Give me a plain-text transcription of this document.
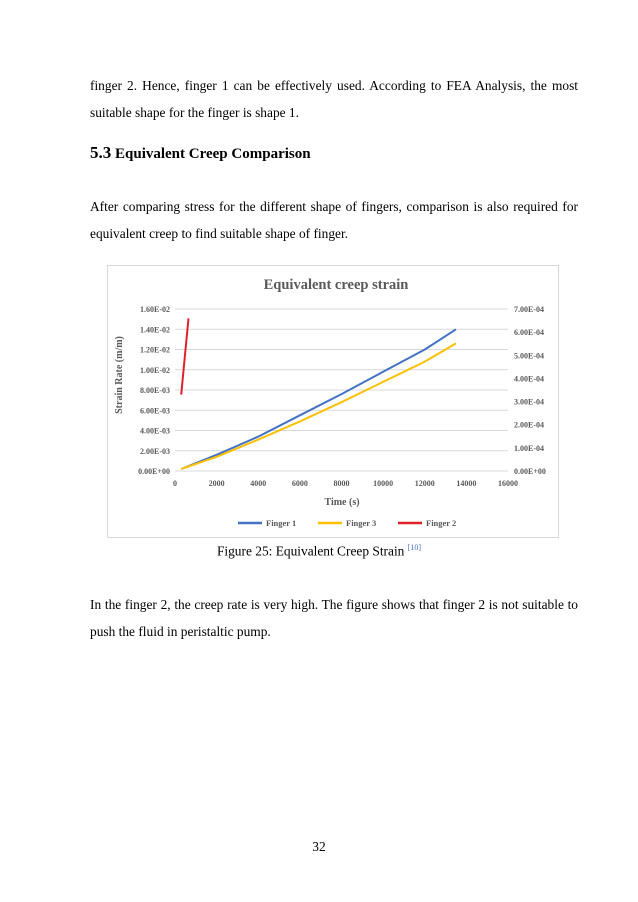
finger 2. Hence, finger 1 can be effectively used. According to FEA Analysis, the most
suitable shape for the finger is shape 1.
5.3 Equivalent Creep Comparison
After comparing stress for the different shape of fingers, comparison is also required for
equivalent creep to find suitable shape of finger.
Equivalent creep strain
0.00E+00
2.00E-03
4.00E-03
6.00E-03
8.00E-03
1.00E-02
1.20E-02
1.40E-02
1.60E-02
0.00E+00
1.00E-04
2.00E-04
3.00E-04
4.00E-04
5.00E-04
6.00E-04
7.00E-04
0	2000	4000	6000	8000	10000	12000	14000	16000
Strain Rate (m/m)
Time (s)
Finger 1	Finger 3	Finger 2
Figure 25: Equivalent Creep Strain [10]
In the finger 2, the creep rate is very high. The figure shows that finger 2 is not suitable to
push the fluid in peristaltic pump.
32
